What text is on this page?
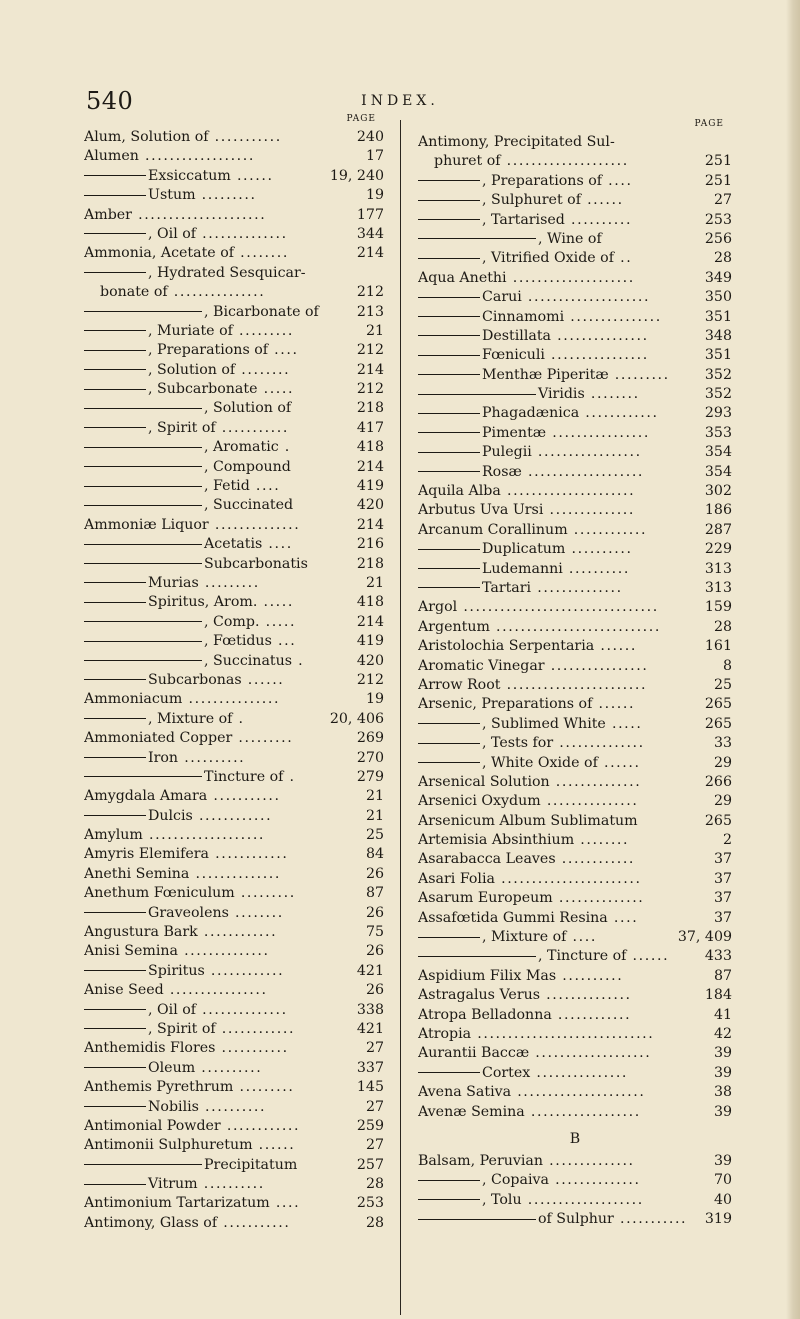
540	INDEX.
PAGE
Alum, Solution of ...........	240
Alumen ..................	17
Exsiccatum ......	19, 240
Ustum .........	19
Amber .....................	177
, Oil of ..............	344
Ammonia, Acetate of ........	214
, Hydrated Sesquicar-
bonate of ...............	212
, Bicarbonate of	213
, Muriate of .........	21
, Preparations of ....	212
, Solution of ........	214
, Subcarbonate .....	212
, Solution of	218
, Spirit of ...........	417
, Aromatic .	418
, Compound	214
, Fetid ....	419
, Succinated	420
Ammoniæ Liquor ..............	214
Acetatis ....	216
Subcarbonatis	218
Murias .........	21
Spiritus, Arom. .....	418
, Comp. .....	214
, Fœtidus ...	419
, Succinatus .	420
Subcarbonas ......	212
Ammoniacum ...............	19
, Mixture of .	20, 406
Ammoniated Copper .........	269
Iron ..........	270
Tincture of .	279
Amygdala Amara ...........	21
Dulcis ............	21
Amylum ...................	25
Amyris Elemifera ............	84
Anethi Semina ..............	26
Anethum Fœniculum .........	87
Graveolens ........	26
Angustura Bark ............	75
Anisi Semina ..............	26
Spiritus ............	421
Anise Seed ................	26
, Oil of ..............	338
, Spirit of ............	421
Anthemidis Flores ...........	27
Oleum ..........	337
Anthemis Pyrethrum .........	145
Nobilis ..........	27
Antimonial Powder ............	259
Antimonii Sulphuretum ......	27
Precipitatum	257
Vitrum ..........	28
Antimonium Tartarizatum ....	253
Antimony, Glass of ...........	28
PAGE
Antimony, Precipitated Sul-
phuret of ....................	251
, Preparations of ....	251
, Sulphuret of ......	27
, Tartarised ..........	253
, Wine of	256
, Vitrified Oxide of ..	28
Aqua Anethi ....................	349
Carui ....................	350
Cinnamomi ...............	351
Destillata ...............	348
Fœniculi ................	351
Menthæ Piperitæ ......... 352
Viridis ........	352
Phagadænica ............	293
Pimentæ ................	353
Pulegii .................	354
Rosæ ...................	354
Aquila Alba .....................	302
Arbutus Uva Ursi ..............	186
Arcanum Corallinum ............	287
Duplicatum ..........	229
Ludemanni ..........	313
Tartari ..............	313
Argol ................................	159
Argentum ...........................	28
Aristolochia Serpentaria ......	161
Aromatic Vinegar ................	8
Arrow Root .......................	25
Arsenic, Preparations of ......	265
, Sublimed White .....	265
, Tests for ..............	33
, White Oxide of ......	29
Arsenical Solution ..............	266
Arsenici Oxydum ...............	29
Arsenicum Album Sublimatum	265
Artemisia Absinthium ........	2
Asarabacca Leaves ............	37
Asari Folia .......................	37
Asarum Europeum ..............	37
Assafœtida Gummi Resina ....	37
, Mixture of ....	37, 409
, Tincture of ......	433
Aspidium Filix Mas ..........	87
Astragalus Verus ..............	184
Atropa Belladonna ............	41
Atropia .............................	42
Aurantii Baccæ ...................	39
Cortex ...............	39
Avena Sativa .....................	38
Avenæ Semina ..................	39
B
Balsam, Peruvian ..............	39
, Copaiva ..............	70
, Tolu ...................	40
of Sulphur ........... 319
